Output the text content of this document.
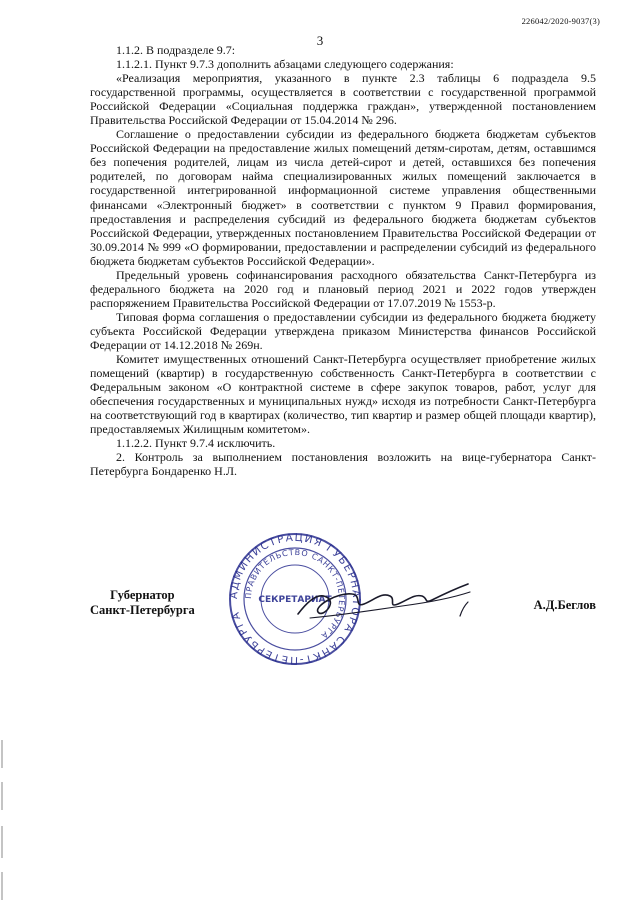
226042/2020-9037(3)
3

1.1.2. В подразделе 9.7:

1.1.2.1. Пункт 9.7.3 дополнить абзацами следующего содержания:

«Реализация мероприятия, указанного в пункте 2.3 таблицы 6 подраздела 9.5 государственной программы, осуществляется в соответствии с государственной программой Российской Федерации «Социальная поддержка граждан», утвержденной постановлением Правительства Российской Федерации от 15.04.2014 № 296.

Соглашение о предоставлении субсидии из федерального бюджета бюджетам субъектов Российской Федерации на предоставление жилых помещений детям-сиротам, детям, оставшимся без попечения родителей, лицам из числа детей-сирот и детей, оставшихся без попечения родителей, по договорам найма специализированных жилых помещений заключается в государственной интегрированной информационной системе управления общественными финансами «Электронный бюджет» в соответствии с пунктом 9 Правил формирования, предоставления и распределения субсидий из федерального бюджета бюджетам субъектов Российской Федерации, утвержденных постановлением Правительства Российской Федерации от 30.09.2014 № 999 «О формировании, предоставлении и распределении субсидий из федерального бюджета бюджетам субъектов Российской Федерации».

Предельный уровень софинансирования расходного обязательства Санкт-Петербурга из федерального бюджета на 2020 год и плановый период 2021 и 2022 годов утвержден распоряжением Правительства Российской Федерации от 17.07.2019 № 1553-р.

Типовая форма соглашения о предоставлении субсидии из федерального бюджета бюджету субъекта Российской Федерации утверждена приказом Министерства финансов Российской Федерации от 14.12.2018 № 269н.

Комитет имущественных отношений Санкт-Петербурга осуществляет приобретение жилых помещений (квартир) в государственную собственность Санкт-Петербурга в соответствии с Федеральным законом «О контрактной системе в сфере закупок товаров, работ, услуг для обеспечения государственных и муниципальных нужд» исходя из потребности Санкт-Петербурга на соответствующий год в квартирах (количество, тип квартир и размер общей площади квартир), предоставляемых Жилищным комитетом».

1.1.2.2. Пункт 9.7.4 исключить.

2. Контроль за выполнением постановления возложить на вице-губернатора Санкт-Петербурга Бондаренко Н.Л.

Губернатор
Санкт-Петербурга
АДМИНИСТРАЦИЯ ГУБЕРНАТОРА САНКТ-ПЕТЕРБУРГА
ПРАВИТЕЛЬСТВО САНКТ-ПЕТЕРБУРГА
СЕКРЕТАРИАТ	А.Д.Беглов
